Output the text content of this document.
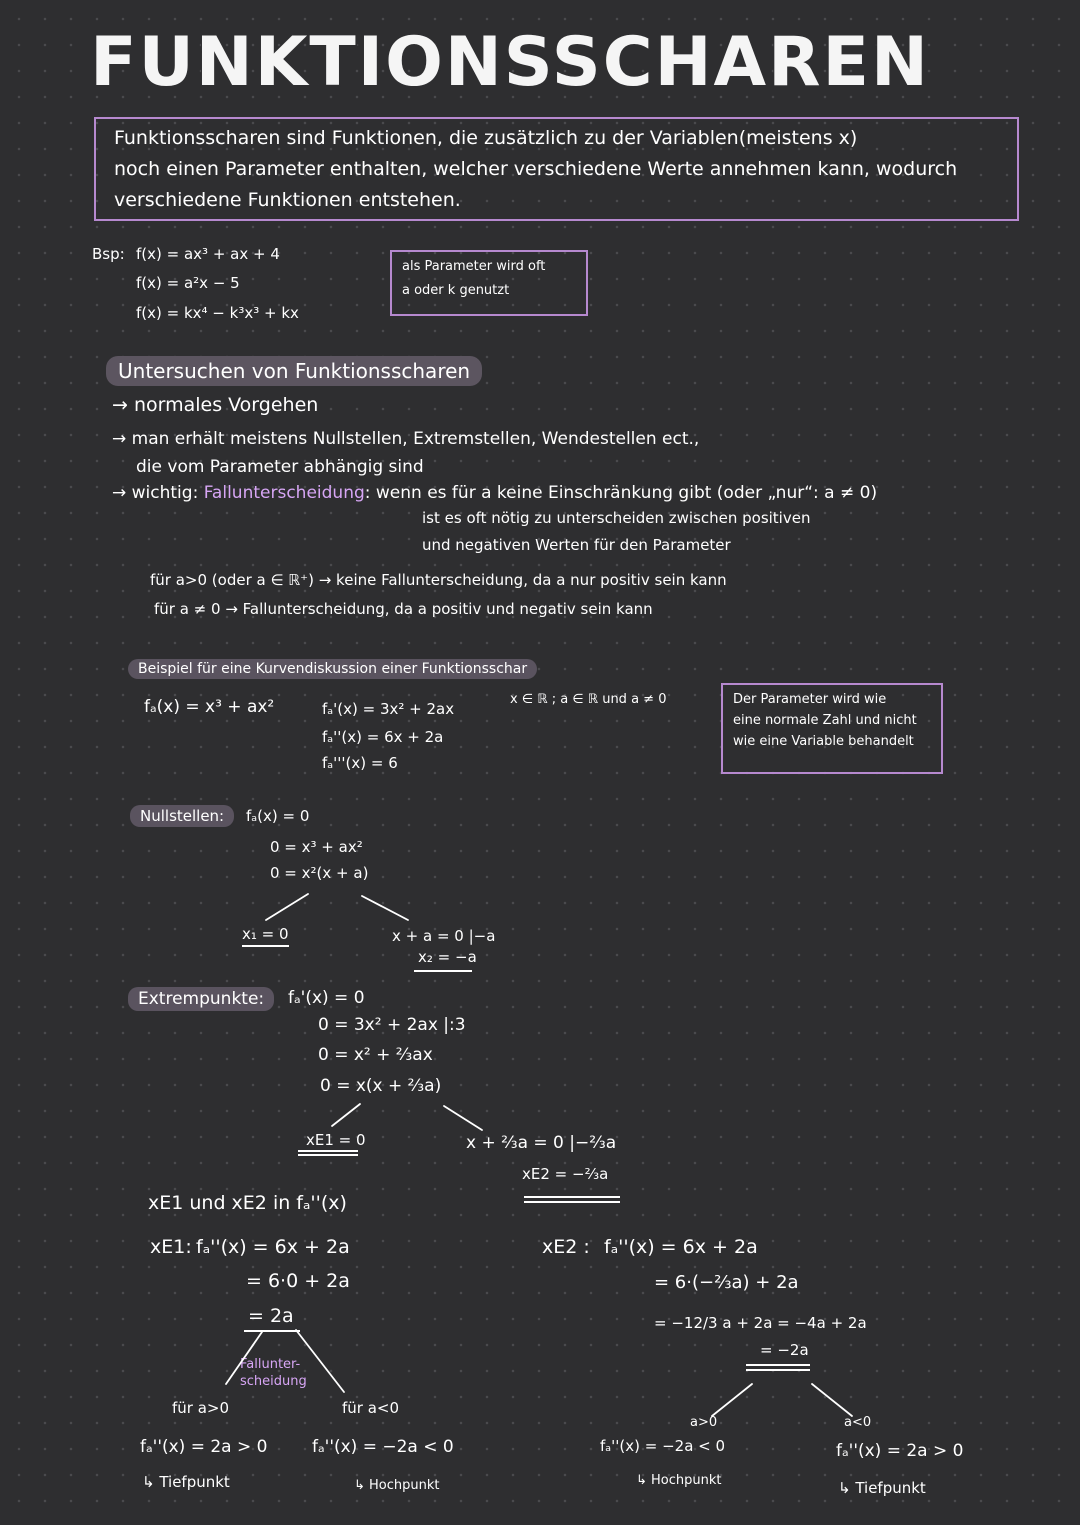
FUNKTIONSSCHAREN
Funktionsscharen sind Funktionen, die zusätzlich zu der Variablen(meistens x)
noch einen Parameter enthalten, welcher verschiedene Werte annehmen kann, wodurch
verschiedene Funktionen entstehen.
Bsp: f(x) = ax³ + ax + 4
f(x) = a²x − 5
f(x) = kx⁴ − k³x³ + kx
als Parameter wird oft
a oder k genutzt
Untersuchen von Funktionsscharen
→ normales Vorgehen
→ man erhält meistens Nullstellen, Extremstellen, Wendestellen ect.,
die vom Parameter abhängig sind
→ wichtig: Fallunterscheidung: wenn es für a keine Einschränkung gibt (oder „nur“: a ≠ 0)
ist es oft nötig zu unterscheiden zwischen positiven
und negativen Werten für den Parameter
für a>0 (oder a ∈ ℝ⁺) → keine Fallunterscheidung, da a nur positiv sein kann
für a ≠ 0 → Fallunterscheidung, da a positiv und negativ sein kann
Beispiel für eine Kurvendiskussion einer Funktionsschar
fₐ(x) = x³ + ax²	fₐ'(x) = 3x² + 2ax
fₐ''(x) = 6x + 2a
fₐ'''(x) = 6
x ∈ ℝ ; a ∈ ℝ und a ≠ 0	Der Parameter wird wie
eine normale Zahl und nicht
wie eine Variable behandelt
Nullstellen:	fₐ(x) = 0
0 = x³ + ax²
0 = x²(x + a)
x₁ = 0	x + a = 0 |−a
x₂ = −a
Extrempunkte:	fₐ'(x) = 0
0 = 3x² + 2ax |:3
0 = x² + ⅔ax
0 = x(x + ⅔a)
xE1 = 0	x + ⅔a = 0 |−⅔a
xE2 = −⅔a
xE1 und xE2 in fₐ''(x)
xE1: fₐ''(x) = 6x + 2a
= 6·0 + 2a
= 2a
Fallunter-
scheidung
für a>0	für a<0
fₐ''(x) = 2a > 0	fₐ''(x) = −2a < 0
↳ Tiefpunkt	↳ Hochpunkt
xE2 : fₐ''(x) = 6x + 2a
= 6·(−⅔a) + 2a
= −12/3 a + 2a = −4a + 2a
= −2a
a>0	a<0
fₐ''(x) = −2a < 0	fₐ''(x) = 2a > 0
↳ Hochpunkt	↳ Tiefpunkt
